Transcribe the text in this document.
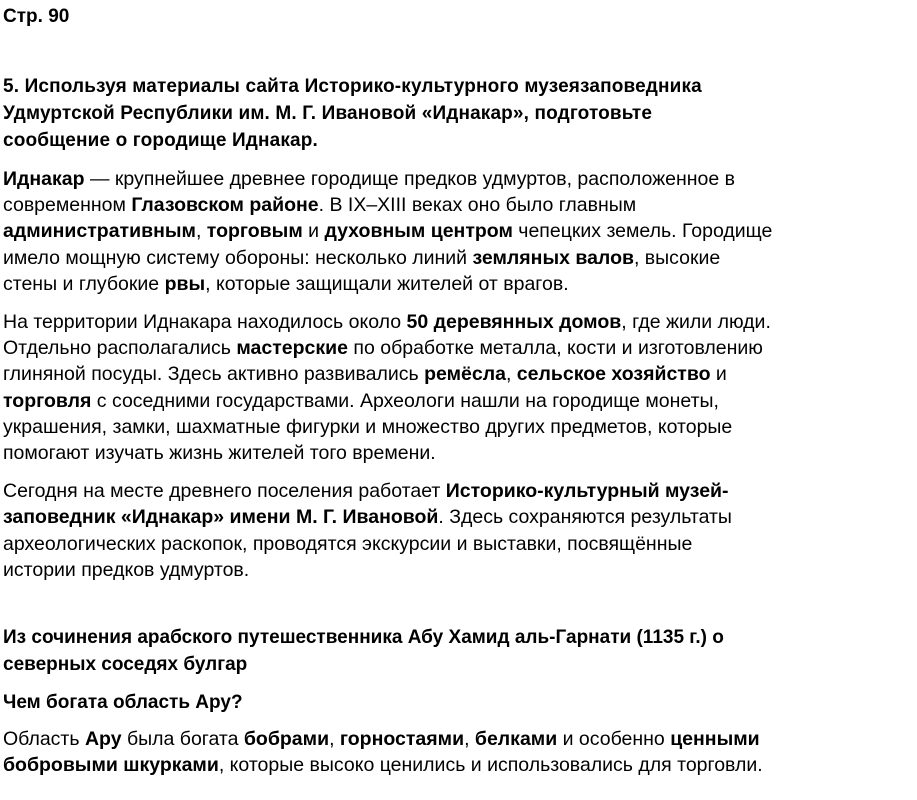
Стр. 90

5. Используя материалы сайта Историко-культурного музеязаповедника
Удмуртской Республики им. М. Г. Ивановой «Иднакар», подготовьте
сообщение о городище Иднакар.
Иднакар — крупнейшее древнее городище предков удмуртов, расположенное в
современном Глазовском районе. В IX–XIII веках оно было главным
административным, торговым и духовным центром чепецких земель. Городище
имело мощную систему обороны: несколько линий земляных валов, высокие
стены и глубокие рвы, которые защищали жителей от врагов.
На территории Иднакара находилось около 50 деревянных домов, где жили люди.
Отдельно располагались мастерские по обработке металла, кости и изготовлению
глиняной посуды. Здесь активно развивались ремёсла, сельское хозяйство и
торговля с соседними государствами. Археологи нашли на городище монеты,
украшения, замки, шахматные фигурки и множество других предметов, которые
помогают изучать жизнь жителей того времени.
Сегодня на месте древнего поселения работает Историко-культурный музей-
заповедник «Иднакар» имени М. Г. Ивановой. Здесь сохраняются результаты
археологических раскопок, проводятся экскурсии и выставки, посвящённые
истории предков удмуртов.
Из сочинения арабского путешественника Абу Хамид аль-Гарнати (1135 г.) о
северных соседях булгар
Чем богата область Ару?
Область Ару была богата бобрами, горностаями, белками и особенно ценными
бобровыми шкурками, которые высоко ценились и использовались для торговли.
